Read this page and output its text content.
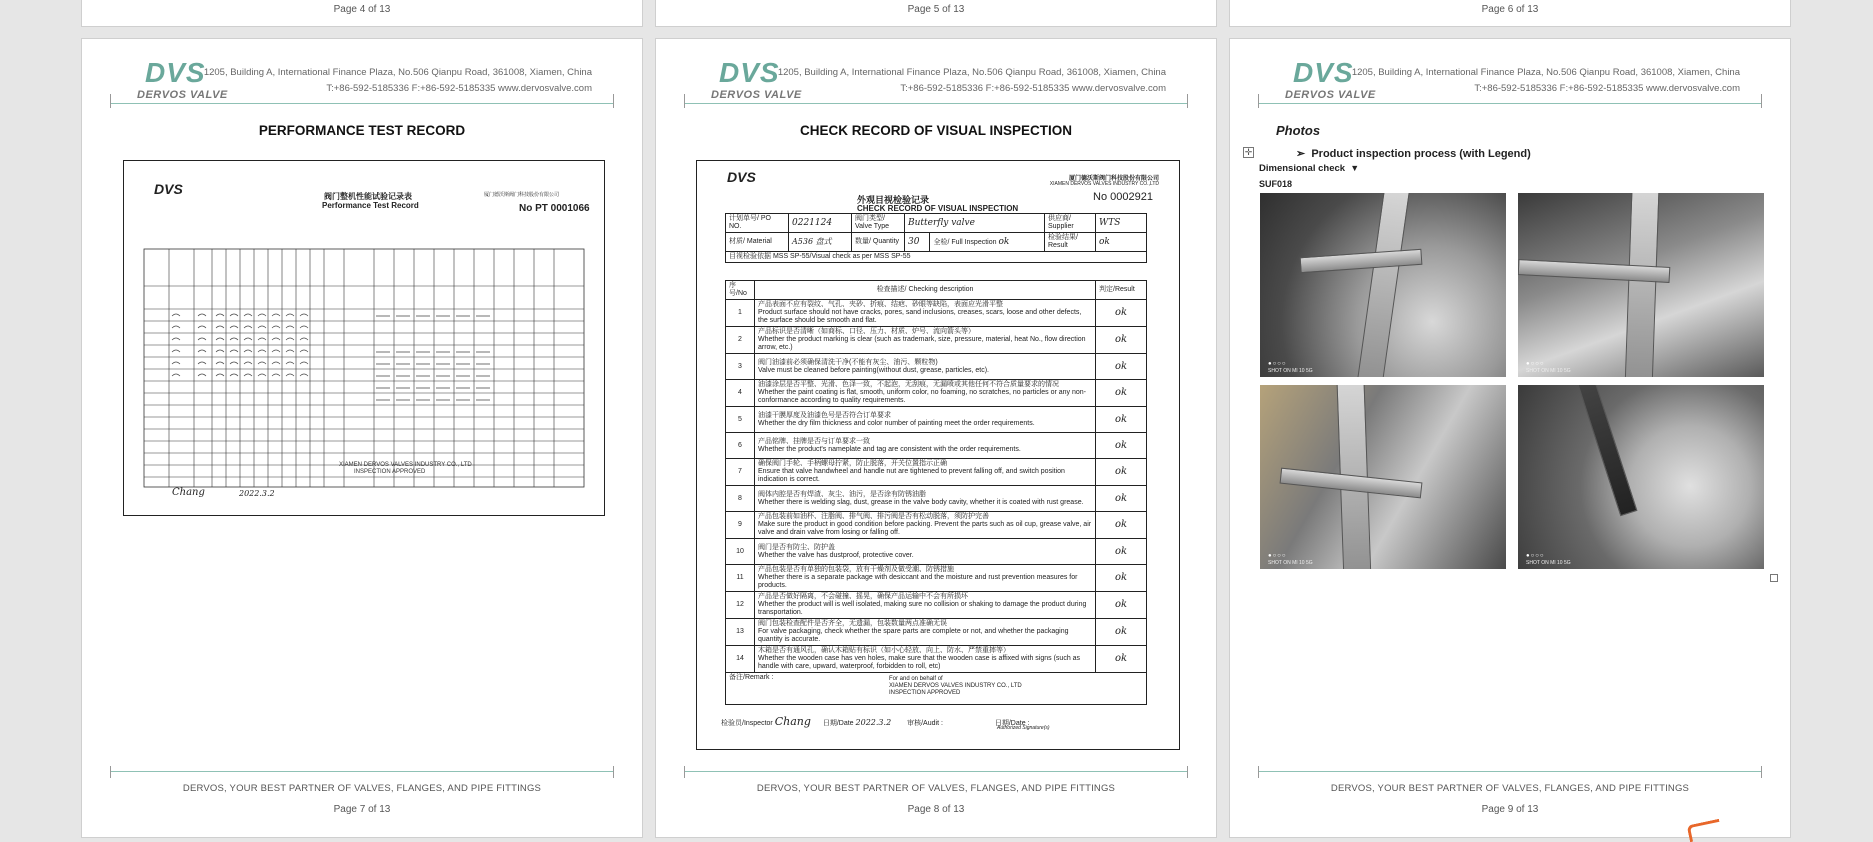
Page 4 of 13	Page 5 of 13	Page 6 of 13
DVS
DERVOS VALVE
1205, Building A, International Finance Plaza, No.506 Qianpu Road, 361008, Xiamen, China
T:+86-592-5185336 F:+86-592-5185335 www.dervosvalve.com
PERFORMANCE TEST RECORD
DVS	阀门整机性能试验记录表
Performance Test Record
厦门德沃斯阀门科技股份有限公司
No PT 0001066
XIAMEN DERVOS VALVES INDUSTRY CO., LTD
INSPECTION APPROVED
Chang	2022.3.2
DERVOS, YOUR BEST PARTNER OF VALVES, FLANGES, AND PIPE FITTINGS
Page 7 of 13
DVS
DERVOS VALVE
1205, Building A, International Finance Plaza, No.506 Qianpu Road, 361008, Xiamen, China
T:+86-592-5185336 F:+86-592-5185335 www.dervosvalve.com
CHECK RECORD OF VISUAL INSPECTION
DVS
外观目视检验记录
CHECK RECORD OF VISUAL INSPECTION
厦门德沃斯阀门科技股份有限公司
XIAMEN DERVOS VALVES INDUSTRY CO.,LTD
No 0002921
计划单号/ PO NO.	0221124	阀门类型/ Valve Type	Butterfly valve		供应商/ Supplier	WTS
材质/ Material	A536 盘式	数量/ Quantity	30	全检/ Full Inspection ok	检验结果/ Result	ok
目视检验依据 MSS SP-55/Visual check as per MSS SP-55						
序号/No	检查描述/ Checking description	判定/Result
1	产品表面不应有裂纹、气孔、夹砂、折痕、结疤、砂眼等缺陷，表面应光滑平整
Product surface should not have cracks, pores, sand inclusions, creases, scars, loose and other defects, the surface should be smooth and flat.	ok
2	产品标识是否清晰（如商标、口径、压力、材质、炉号、流向箭头等）
Whether the product marking is clear (such as trademark, size, pressure, material, heat No., flow direction arrow, etc.)	ok
3	阀门油漆前必须确保清洗干净(不能有灰尘、油污、颗粒物)
Valve must be cleaned before painting(without dust, grease, particles, etc).	ok
4	油漆涂层是否平整、光滑、色泽一致，不起泡，无刮痕，无漏喷或其他任何不符合质量要求的情况
Whether the paint coating is flat, smooth, uniform color, no foaming, no scratches, no particles or any non-conformance according to quality requirements.	ok
5	油漆干膜厚度及油漆色号是否符合订单要求
Whether the dry film thickness and color number of painting meet the order requirements.	ok
6	产品铭牌、挂牌是否与订单要求一致
Whether the product's nameplate and tag are consistent with the order requirements.	ok
7	确保阀门手轮、手柄螺母拧紧，防止脱落，开关位置指示正确
Ensure that valve handwheel and handle nut are tightened to prevent falling off, and switch position indication is correct.	ok
8	阀体内腔是否有焊渣、灰尘、油污，是否涂有防锈油脂
Whether there is welding slag, dust, grease in the valve body cavity, whether it is coated with rust grease.	ok
9	产品包装前如油杯、注脂阀、排气阀、排污阀是否有松动脱落，须防护完善
Make sure the product in good condition before packing. Prevent the parts such as oil cup, grease valve, air valve and drain valve from losing or falling off.	ok
10	阀门是否有防尘、防护盖
Whether the valve has dustproof, protective cover.	ok
11	产品包装是否有单独的包装袋，放有干燥剂及做受潮、防锈措施
Whether there is a separate package with desiccant and the moisture and rust prevention measures for products.	ok
12	产品是否做好隔离，不会碰撞、摇晃，确保产品运输中不会有所损坏
Whether the product will is well isolated, making sure no collision or shaking to damage the product during transportation.	ok
13	阀门包装检查配件是否齐全，无遗漏，包装数量两点准确无误
For valve packaging, check whether the spare parts are complete or not, and whether the packaging quantity is accurate.	ok
14	木箱是否有通风孔，确认木箱贴有标识（如小心轻放、向上、防水、严禁重摔等）
Whether the wooden case has ven holes, make sure that the wooden case is affixed with signs (such as handle with care, upward, waterproof, forbidden to roll, etc)	ok
备注/Remark : For and on behalf of
XIAMEN DERVOS VALVES INDUSTRY CO., LTD
INSPECTION APPROVED		
检验员/Inspector Chang 日期/Date 2022.3.2 审核/Audit :	日期/Date :
Authorized Signature(s)
DERVOS, YOUR BEST PARTNER OF VALVES, FLANGES, AND PIPE FITTINGS
Page 8 of 13
DVS
DERVOS VALVE
1205, Building A, International Finance Plaza, No.506 Qianpu Road, 361008, Xiamen, China
T:+86-592-5185336 F:+86-592-5185335 www.dervosvalve.com
Photos
✛	➢  Product inspection process (with Legend)
Dimensional check  ▼
SUF018
●○○○
SHOT ON MI 10 5G
●○○○
SHOT ON MI 10 5G
●○○○
SHOT ON MI 10 5G
●○○○
SHOT ON MI 10 5G
DERVOS, YOUR BEST PARTNER OF VALVES, FLANGES, AND PIPE FITTINGS
Page 9 of 13
